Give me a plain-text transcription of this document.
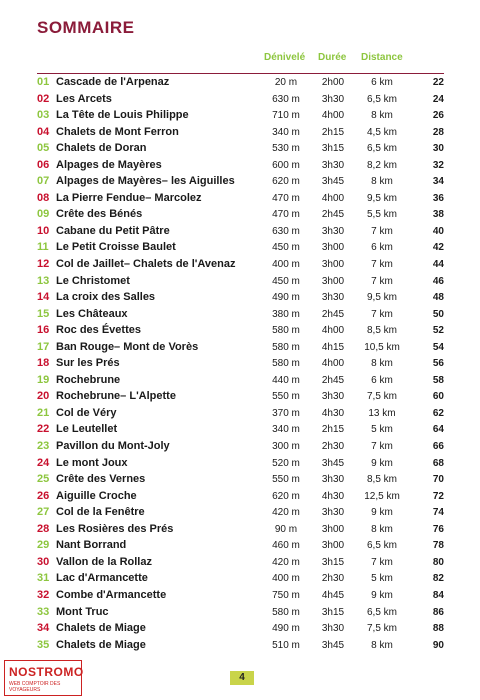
SOMMAIRE
Dénivelé Durée Distance
01 Cascade de l'Arpenaz	20 m	2h00	6 km	22
02 Les Arcets	630 m	3h30	6,5 km	24
03 La Tête de Louis Philippe	710 m	4h00	8 km	26
04 Chalets de Mont Ferron	340 m	2h15	4,5 km	28
05 Chalets de Doran	530 m	3h15	6,5 km	30
06 Alpages de Mayères	600 m	3h30	8,2 km	32
07 Alpages de Mayères– les Aiguilles	620 m	3h45	8 km	34
08 La Pierre Fendue– Marcolez	470 m	4h00	9,5 km	36
09 Crête des Bénés	470 m	2h45	5,5 km	38
10 Cabane du Petit Pâtre	630 m	3h30	7 km	40
11 Le Petit Croisse Baulet	450 m	3h00	6 km	42
12 Col de Jaillet– Chalets de l'Avenaz	400 m	3h00	7 km	44
13 Le Christomet	450 m	3h00	7 km	46
14 La croix des Salles	490 m	3h30	9,5 km	48
15 Les Châteaux	380 m	2h45	7 km	50
16 Roc des Évettes	580 m	4h00	8,5 km	52
17 Ban Rouge– Mont de Vorès	580 m	4h15	10,5 km	54
18 Sur les Prés	580 m	4h00	8 km	56
19 Rochebrune	440 m	2h45	6 km	58
20 Rochebrune– L'Alpette	550 m	3h30	7,5 km	60
21 Col de Véry	370 m	4h30	13 km	62
22 Le Leutellet	340 m	2h15	5 km	64
23 Pavillon du Mont-Joly	300 m	2h30	7 km	66
24 Le mont Joux	520 m	3h45	9 km	68
25 Crête des Vernes	550 m	3h30	8,5 km	70
26 Aiguille Croche	620 m	4h30	12,5 km	72
27 Col de la Fenêtre	420 m	3h30	9 km	74
28 Les Rosières des Prés	90 m	3h00	8 km	76
29 Nant Borrand	460 m	3h00	6,5 km	78
30 Vallon de la Rollaz	420 m	3h15	7 km	80
31 Lac d'Armancette	400 m	2h30	5 km	82
32 Combe d'Armancette	750 m	4h45	9 km	84
33 Mont Truc	580 m	3h15	6,5 km	86
34 Chalets de Miage	490 m	3h30	7,5 km	88
35 Chalets de Miage	510 m	3h45	8 km	90
4
NOSTROMO
WEB COMPTOIR DES VOYAGEURS
